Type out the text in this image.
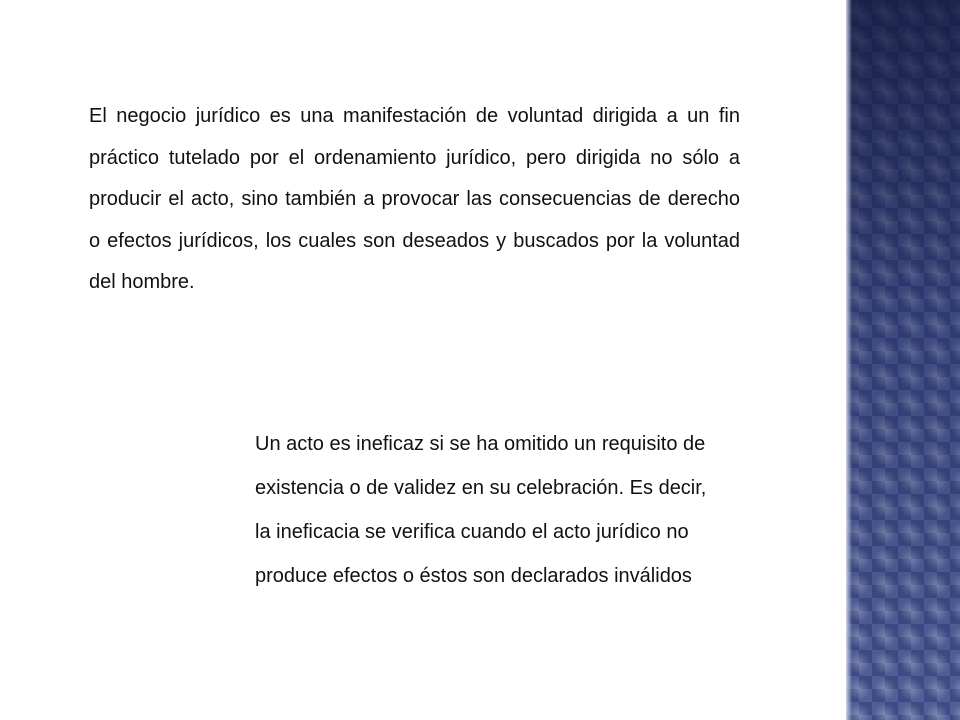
El negocio jurídico es una manifestación de voluntad dirigida a un fin práctico tutelado por el ordenamiento jurídico, pero dirigida no sólo a producir el acto, sino también a provocar las consecuencias de derecho o efectos jurídicos, los cuales son deseados y buscados por la voluntad del hombre.

Un acto es ineficaz si se ha omitido un requisito de existencia o de validez en su celebración. Es decir, la ineficacia se verifica cuando el acto jurídico no produce efectos o éstos son declarados inválidos
